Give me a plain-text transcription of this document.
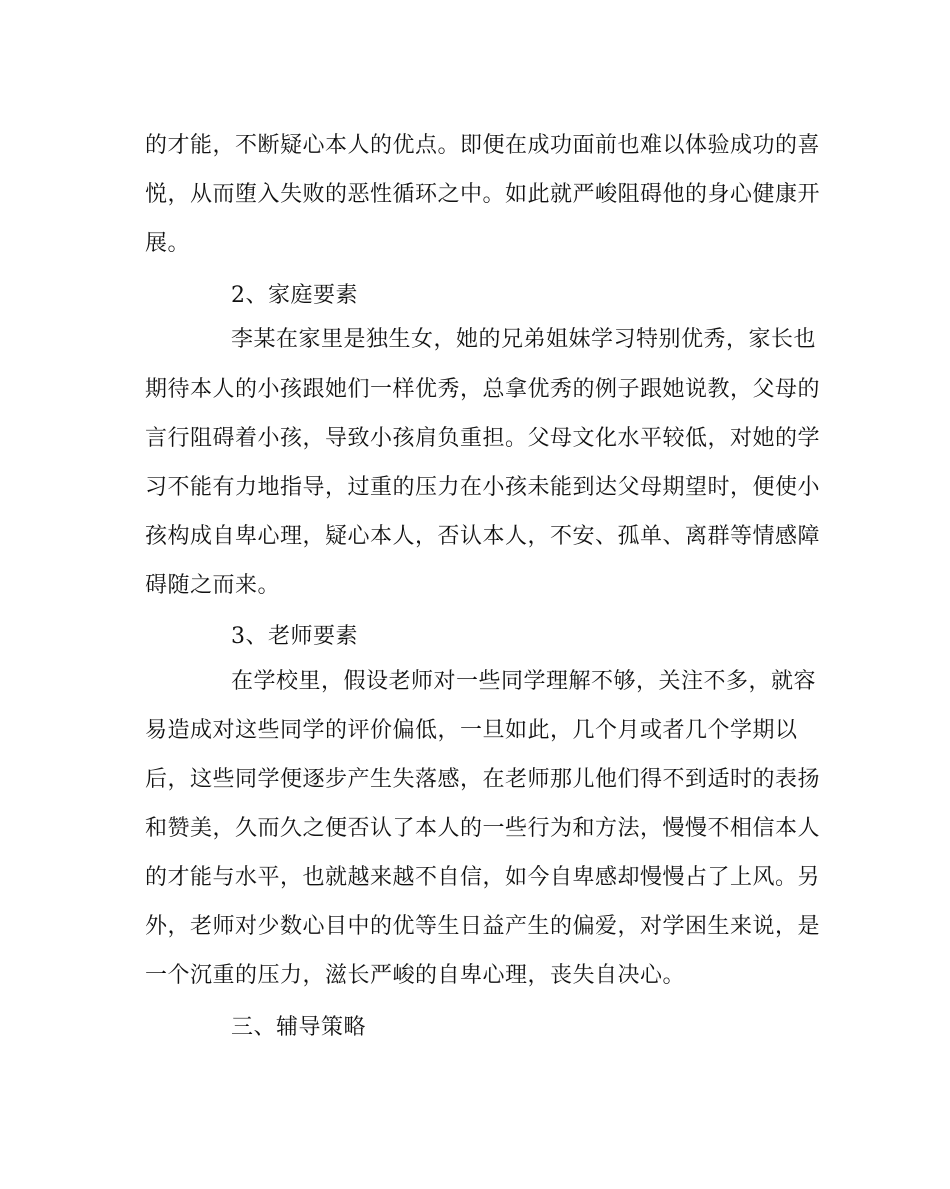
的才能，不断疑心本人的优点。即便在成功面前也难以体验成功的喜
悦，从而堕入失败的恶性循环之中。如此就严峻阻碍他的身心健康开
展。
2、家庭要素
李某在家里是独生女，她的兄弟姐妹学习特别优秀，家长也
期待本人的小孩跟她们一样优秀，总拿优秀的例子跟她说教，父母的
言行阻碍着小孩，导致小孩肩负重担。父母文化水平较低，对她的学
习不能有力地指导，过重的压力在小孩未能到达父母期望时，便使小
孩构成自卑心理，疑心本人，否认本人，不安、孤单、离群等情感障
碍随之而来。
3、老师要素
在学校里，假设老师对一些同学理解不够，关注不多，就容
易造成对这些同学的评价偏低，一旦如此，几个月或者几个学期以
后，这些同学便逐步产生失落感，在老师那儿他们得不到适时的表扬
和赞美，久而久之便否认了本人的一些行为和方法，慢慢不相信本人
的才能与水平，也就越来越不自信，如今自卑感却慢慢占了上风。另
外，老师对少数心目中的优等生日益产生的偏爱，对学困生来说，是
一个沉重的压力，滋长严峻的自卑心理，丧失自决心。
三、辅导策略
